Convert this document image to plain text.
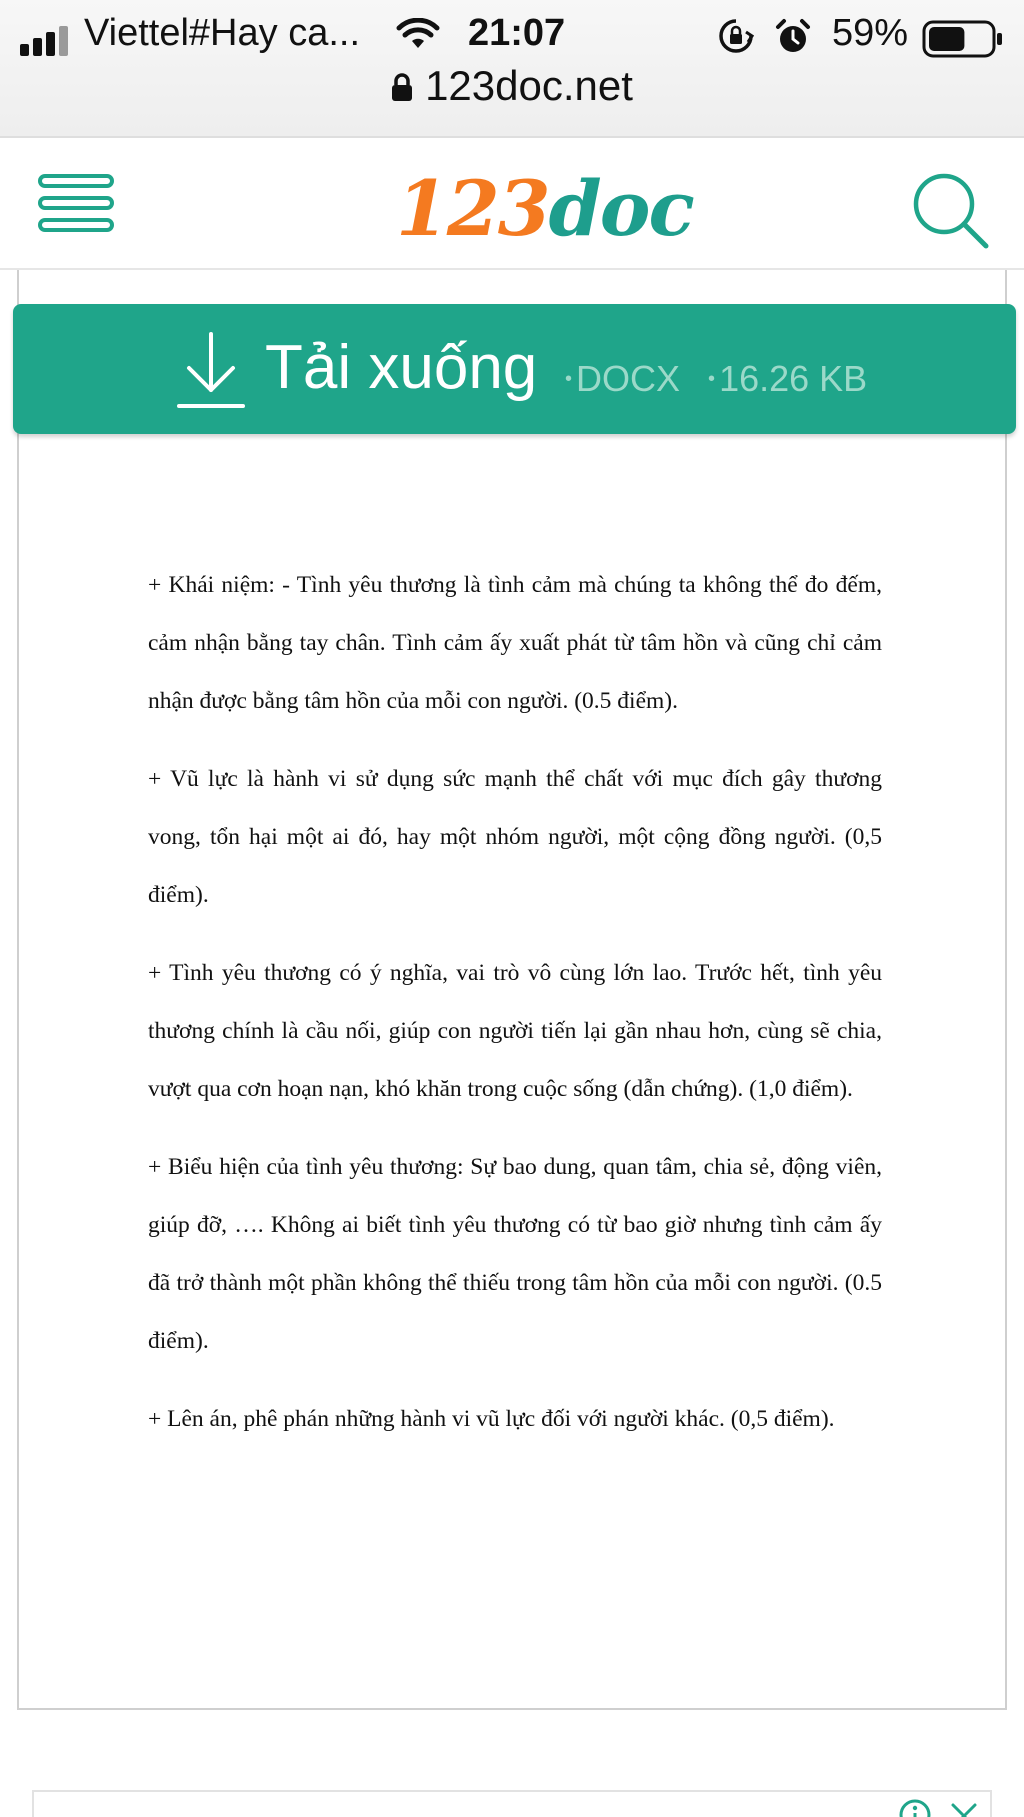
Viettel#Hay ca...	21:07	59%
123doc.net
123doc
Tải xuống • DOCX • 16.26 KB

+ Khái niệm: - Tình yêu thương là tình cảm mà chúng ta không thể đo đếm, cảm nhận bằng tay chân. Tình cảm ấy xuất phát từ tâm hồn và cũng chỉ cảm nhận được bằng tâm hồn của mỗi con người. (0.5 điểm).

+ Vũ lực là hành vi sử dụng sức mạnh thể chất với mục đích gây thương vong, tổn hại một ai đó, hay một nhóm người, một cộng đồng người. (0,5 điểm).

+ Tình yêu thương có ý nghĩa, vai trò vô cùng lớn lao. Trước hết, tình yêu thương chính là cầu nối, giúp con người tiến lại gần nhau hơn, cùng sẽ chia, vượt qua cơn hoạn nạn, khó khăn trong cuộc sống (dẫn chứng). (1,0 điểm).

+ Biểu hiện của tình yêu thương: Sự bao dung, quan tâm, chia sẻ, động viên, giúp đỡ, …. Không ai biết tình yêu thương có từ bao giờ nhưng tình cảm ấy đã trở thành một phần không thể thiếu trong tâm hồn của mỗi con người. (0.5 điểm).

+ Lên án, phê phán những hành vi vũ lực đối với người khác. (0,5 điểm).
